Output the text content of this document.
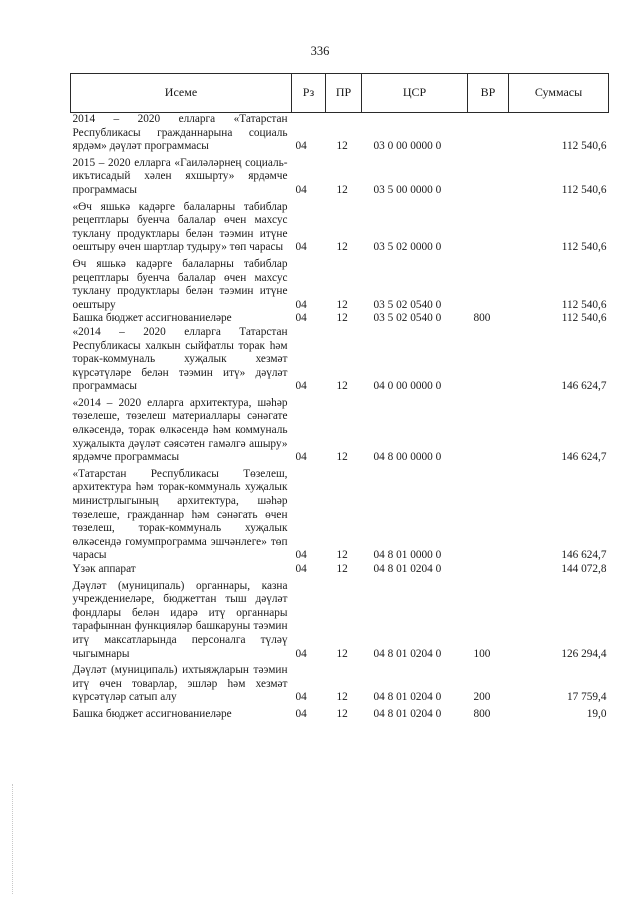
336
Исеме	Рз	ПР	ЦСР	ВР	Суммасы
2014 – 2020 елларга «Татарстан Республикасы гражданнарына социаль ярдәм» дәүләт программасы	04	12	03 0 00 0000 0		112 540,6
2015 – 2020 елларга «Гаиләләрнең социаль-икътисадый хәлен яхшырту» ярдәмче программасы	04	12	03 5 00 0000 0		112 540,6
«Өч яшькә кадәрге балаларны табиблар рецептлары буенча балалар өчен махсус туклану продуктлары белән тәэмин итүне оештыру өчен шартлар тудыру» төп чарасы	04	12	03 5 02 0000 0		112 540,6
Өч яшькә кадәрге балаларны табиблар рецептлары буенча балалар өчен махсус туклану продуктлары белән тәэмин итүне оештыру	04	12	03 5 02 0540 0		112 540,6
Башка бюджет ассигнованиеләре	04	12	03 5 02 0540 0	800	112 540,6
«2014 – 2020 елларга Татарстан Республикасы халкын сыйфатлы торак һәм торак-коммуналь хуҗалык хезмәт күрсәтүләре белән тәэмин итү» дәүләт программасы	04	12	04 0 00 0000 0		146 624,7
«2014 – 2020 елларга архитектура, шәһәр төзелеше, төзелеш материаллары сәнәгате өлкәсендә, торак өлкәсендә һәм коммуналь хуҗалыкта дәүләт сәясәтен гамәлгә ашыру» ярдәмче программасы	04	12	04 8 00 0000 0		146 624,7
«Татарстан Республикасы Төзелеш, архитектура һәм торак-коммуналь хуҗалык министрлыгының архитектура, шәһәр төзелеше, гражданнар һәм сәнәгать өчен төзелеш, торак-коммуналь хуҗалык өлкәсендә гомумпрограмма эшчәнлеге» төп чарасы	04	12	04 8 01 0000 0		146 624,7
Үзәк аппарат	04	12	04 8 01 0204 0		144 072,8
Дәүләт (муниципаль) органнары, казна учреждениеләре, бюджеттан тыш дәүләт фондлары белән идарә итү органнары тарафыннан функцияләр башкаруны тәэмин итү максатларында персоналга түләү чыгымнары	04	12	04 8 01 0204 0	100	126 294,4
Дәүләт (муниципаль) ихтыяҗларын тәэмин итү өчен товарлар, эшләр һәм хезмәт күрсәтүләр сатып алу	04	12	04 8 01 0204 0	200	17 759,4
Башка бюджет ассигнованиеләре	04	12	04 8 01 0204 0	800	19,0
